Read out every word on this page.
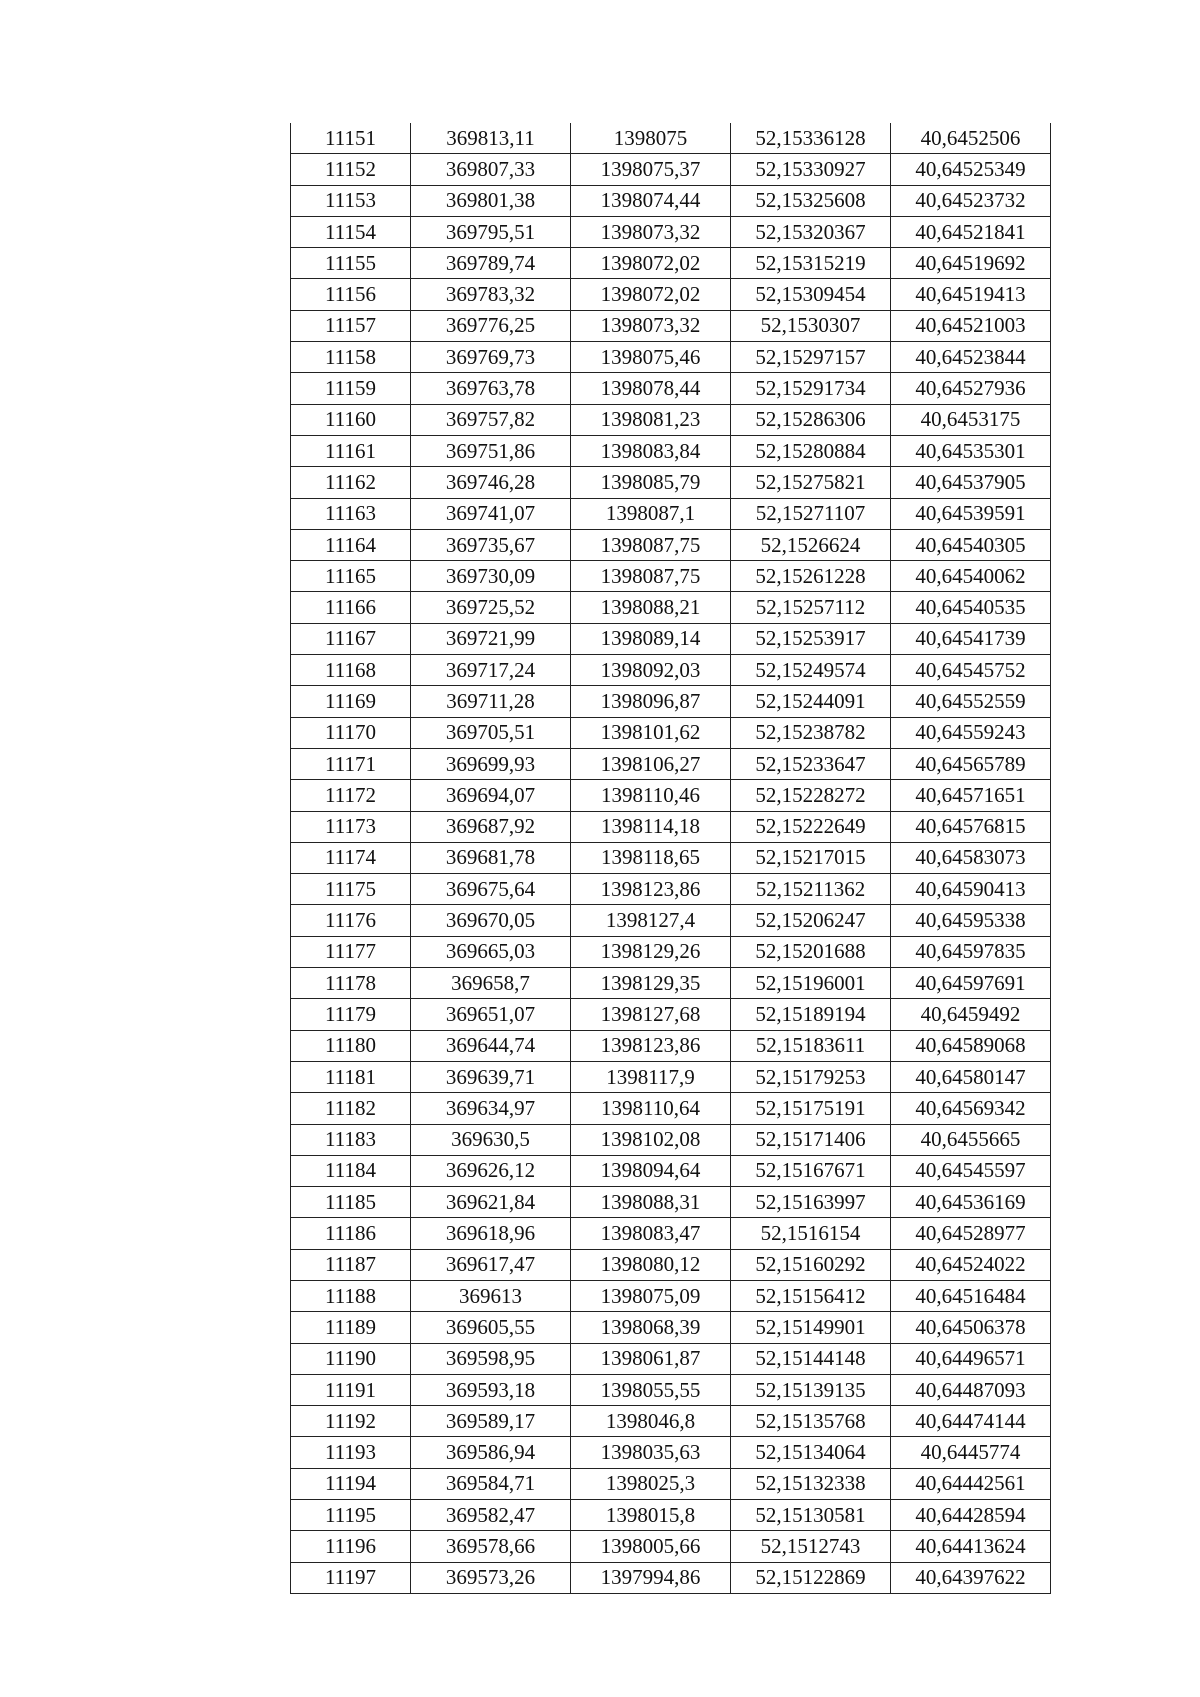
11151	369813,11	1398075	52,15336128	40,6452506
11152	369807,33	1398075,37	52,15330927	40,64525349
11153	369801,38	1398074,44	52,15325608	40,64523732
11154	369795,51	1398073,32	52,15320367	40,64521841
11155	369789,74	1398072,02	52,15315219	40,64519692
11156	369783,32	1398072,02	52,15309454	40,64519413
11157	369776,25	1398073,32	52,1530307	40,64521003
11158	369769,73	1398075,46	52,15297157	40,64523844
11159	369763,78	1398078,44	52,15291734	40,64527936
11160	369757,82	1398081,23	52,15286306	40,6453175
11161	369751,86	1398083,84	52,15280884	40,64535301
11162	369746,28	1398085,79	52,15275821	40,64537905
11163	369741,07	1398087,1	52,15271107	40,64539591
11164	369735,67	1398087,75	52,1526624	40,64540305
11165	369730,09	1398087,75	52,15261228	40,64540062
11166	369725,52	1398088,21	52,15257112	40,64540535
11167	369721,99	1398089,14	52,15253917	40,64541739
11168	369717,24	1398092,03	52,15249574	40,64545752
11169	369711,28	1398096,87	52,15244091	40,64552559
11170	369705,51	1398101,62	52,15238782	40,64559243
11171	369699,93	1398106,27	52,15233647	40,64565789
11172	369694,07	1398110,46	52,15228272	40,64571651
11173	369687,92	1398114,18	52,15222649	40,64576815
11174	369681,78	1398118,65	52,15217015	40,64583073
11175	369675,64	1398123,86	52,15211362	40,64590413
11176	369670,05	1398127,4	52,15206247	40,64595338
11177	369665,03	1398129,26	52,15201688	40,64597835
11178	369658,7	1398129,35	52,15196001	40,64597691
11179	369651,07	1398127,68	52,15189194	40,6459492
11180	369644,74	1398123,86	52,15183611	40,64589068
11181	369639,71	1398117,9	52,15179253	40,64580147
11182	369634,97	1398110,64	52,15175191	40,64569342
11183	369630,5	1398102,08	52,15171406	40,6455665
11184	369626,12	1398094,64	52,15167671	40,64545597
11185	369621,84	1398088,31	52,15163997	40,64536169
11186	369618,96	1398083,47	52,1516154	40,64528977
11187	369617,47	1398080,12	52,15160292	40,64524022
11188	369613	1398075,09	52,15156412	40,64516484
11189	369605,55	1398068,39	52,15149901	40,64506378
11190	369598,95	1398061,87	52,15144148	40,64496571
11191	369593,18	1398055,55	52,15139135	40,64487093
11192	369589,17	1398046,8	52,15135768	40,64474144
11193	369586,94	1398035,63	52,15134064	40,6445774
11194	369584,71	1398025,3	52,15132338	40,64442561
11195	369582,47	1398015,8	52,15130581	40,64428594
11196	369578,66	1398005,66	52,1512743	40,64413624
11197	369573,26	1397994,86	52,15122869	40,64397622
